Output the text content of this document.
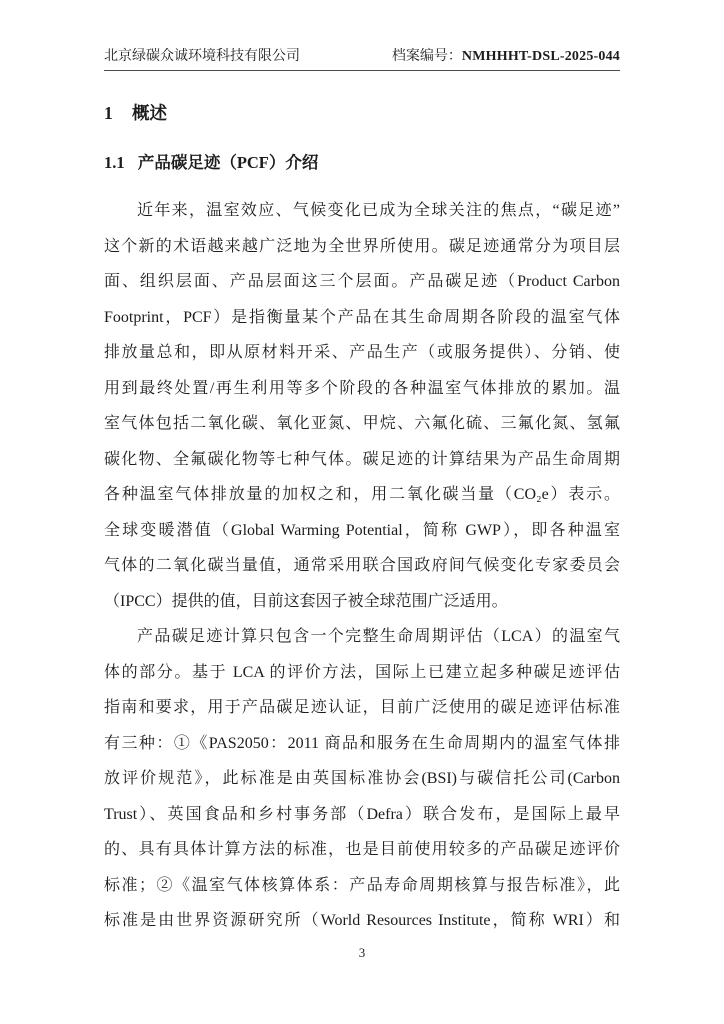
北京绿碳众诚环境科技有限公司	档案编号：NMHHHT-DSL-2025-044
1 概述
1.1 产品碳足迹（PCF）介绍
近年来，温室效应、气候变化已成为全球关注的焦点，“碳足迹”
这个新的术语越来越广泛地为全世界所使用。碳足迹通常分为项目层
面、组织层面、产品层面这三个层面。产品碳足迹（Product Carbon
Footprint，PCF）是指衡量某个产品在其生命周期各阶段的温室气体
排放量总和，即从原材料开采、产品生产（或服务提供）、分销、使
用到最终处置/再生利用等多个阶段的各种温室气体排放的累加。温
室气体包括二氧化碳、氧化亚氮、甲烷、六氟化硫、三氟化氮、氢氟
碳化物、全氟碳化物等七种气体。碳足迹的计算结果为产品生命周期
各种温室气体排放量的加权之和，用二氧化碳当量（CO₂e）表示。
全球变暖潜值（Global Warming Potential，简称 GWP），即各种温室
气体的二氧化碳当量值，通常采用联合国政府间气候变化专家委员会
（IPCC）提供的值，目前这套因子被全球范围广泛适用。
产品碳足迹计算只包含一个完整生命周期评估（LCA）的温室气
体的部分。基于 LCA 的评价方法，国际上已建立起多种碳足迹评估
指南和要求，用于产品碳足迹认证，目前广泛使用的碳足迹评估标准
有三种：①《PAS2050：2011 商品和服务在生命周期内的温室气体排
放评价规范》，此标准是由英国标准协会(BSI)与碳信托公司(Carbon
Trust）、英国食品和乡村事务部（Defra）联合发布，是国际上最早
的、具有具体计算方法的标准，也是目前使用较多的产品碳足迹评价
标准；②《温室气体核算体系：产品寿命周期核算与报告标准》，此
标准是由世界资源研究所（World Resources Institute，简称 WRI）和
3
